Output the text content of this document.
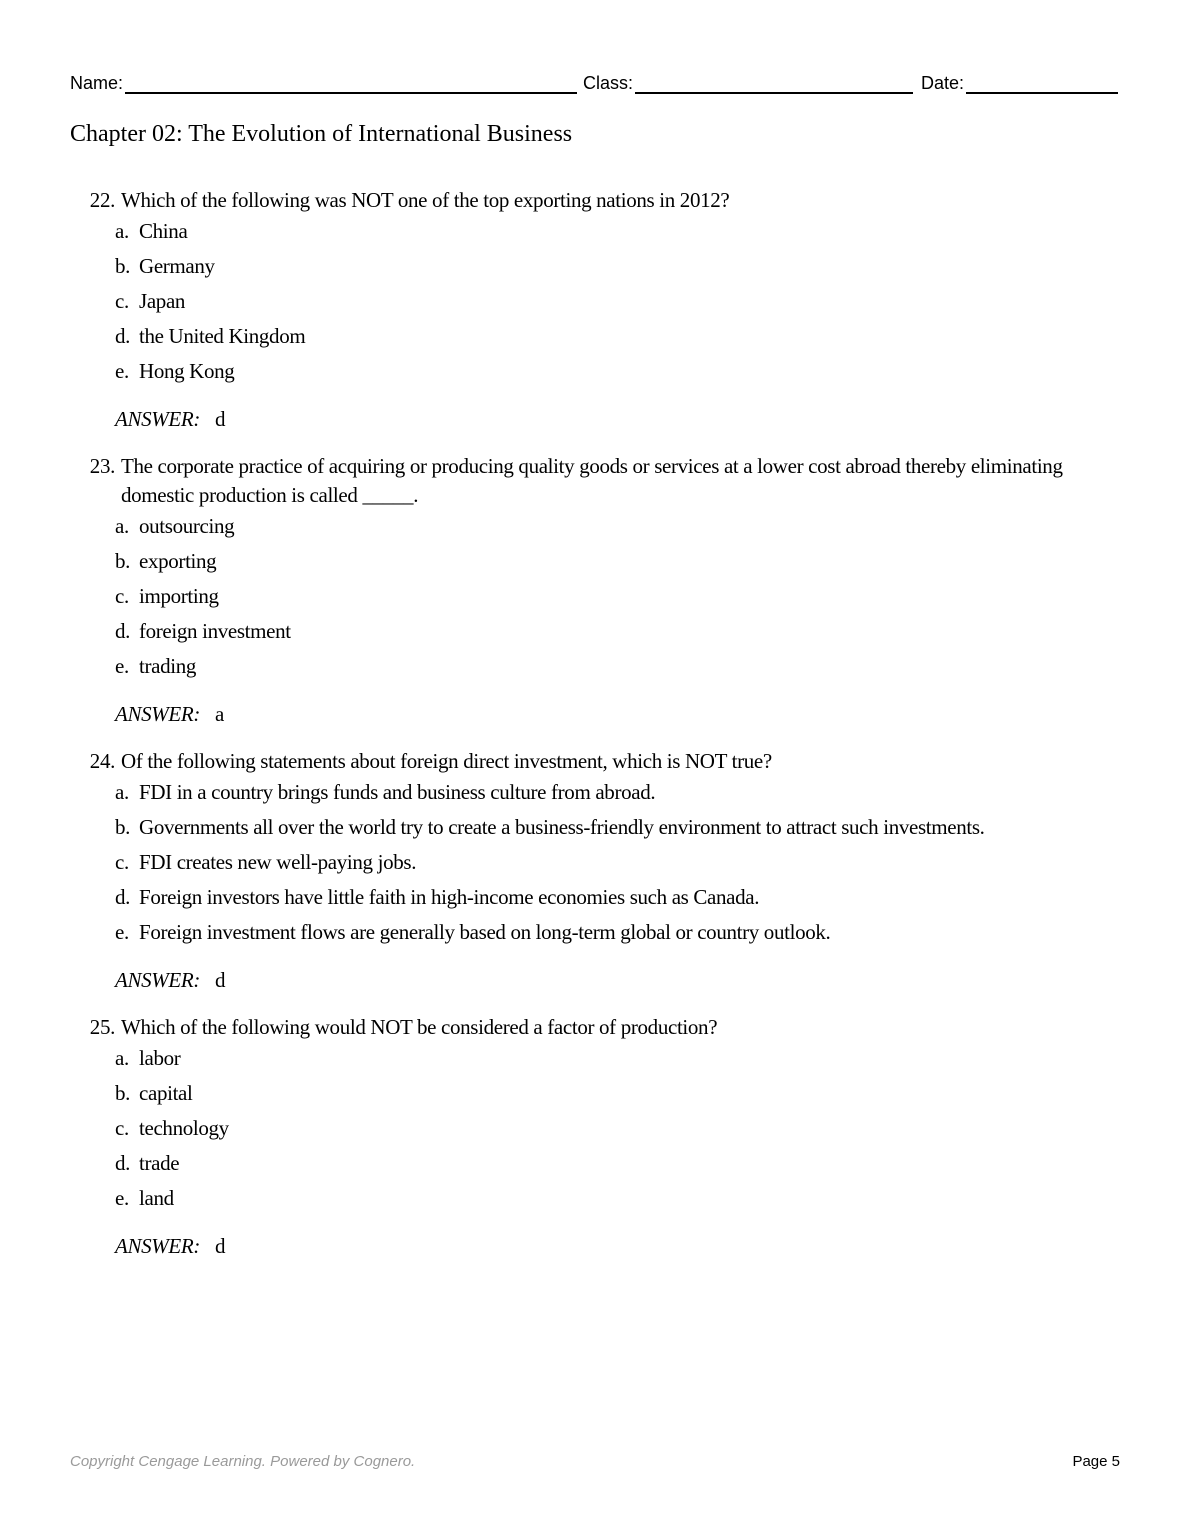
Name:	Class:	Date:
Chapter 02: The Evolution of International Business
22. Which of the following was NOT one of the top exporting nations in 2012?
a. China
b. Germany
c. Japan
d. the United Kingdom
e. Hong Kong
ANSWER: d
23. The corporate practice of acquiring or producing quality goods or services at a lower cost abroad thereby eliminating domestic production is called _____.
a. outsourcing
b. exporting
c. importing
d. foreign investment
e. trading
ANSWER: a
24. Of the following statements about foreign direct investment, which is NOT true?
a. FDI in a country brings funds and business culture from abroad.
b. Governments all over the world try to create a business-friendly environment to attract such investments.
c. FDI creates new well-paying jobs.
d. Foreign investors have little faith in high-income economies such as Canada.
e. Foreign investment flows are generally based on long-term global or country outlook.
ANSWER: d
25. Which of the following would NOT be considered a factor of production?
a. labor
b. capital
c. technology
d. trade
e. land
ANSWER: d
Copyright Cengage Learning. Powered by Cognero.	Page 5
